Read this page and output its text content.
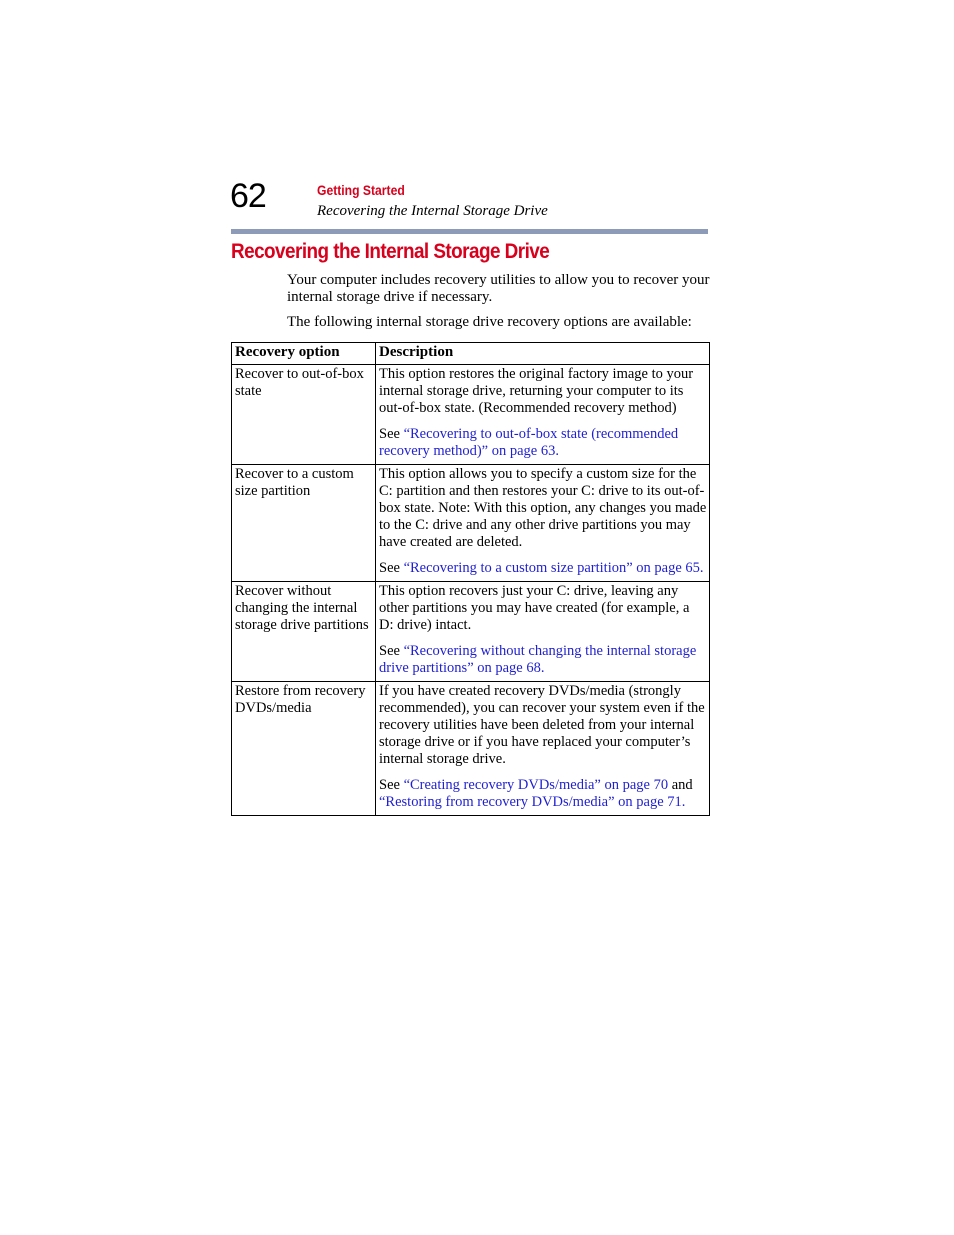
62	Getting Started
Recovering the Internal Storage Drive
Recovering the Internal Storage Drive

Your computer includes recovery utilities to allow you to recover your internal storage drive if necessary.

The following internal storage drive recovery options are available:

Recovery option	Description
Recover to out-of-box state	This option restores the original factory image to your internal storage drive, returning your computer to its out-of-box state. (Recommended recovery method)

See “Recovering to out-of-box state (recommended recovery method)” on page 63.

Recover to a custom size partition	This option allows you to specify a custom size for the C: partition and then restores your C: drive to its out-of-box state. Note: With this option, any changes you made to the C: drive and any other drive partitions you may have created are deleted.

See “Recovering to a custom size partition” on page 65.

Recover without changing the internal storage drive partitions	This option recovers just your C: drive, leaving any other partitions you may have created (for example, a D: drive) intact.

See “Recovering without changing the internal storage drive partitions” on page 68.

Restore from recovery DVDs/media	If you have created recovery DVDs/media (strongly recommended), you can recover your system even if the recovery utilities have been deleted from your internal storage drive or if you have replaced your computer’s internal storage drive.

See “Creating recovery DVDs/media” on page 70 and “Restoring from recovery DVDs/media” on page 71.
